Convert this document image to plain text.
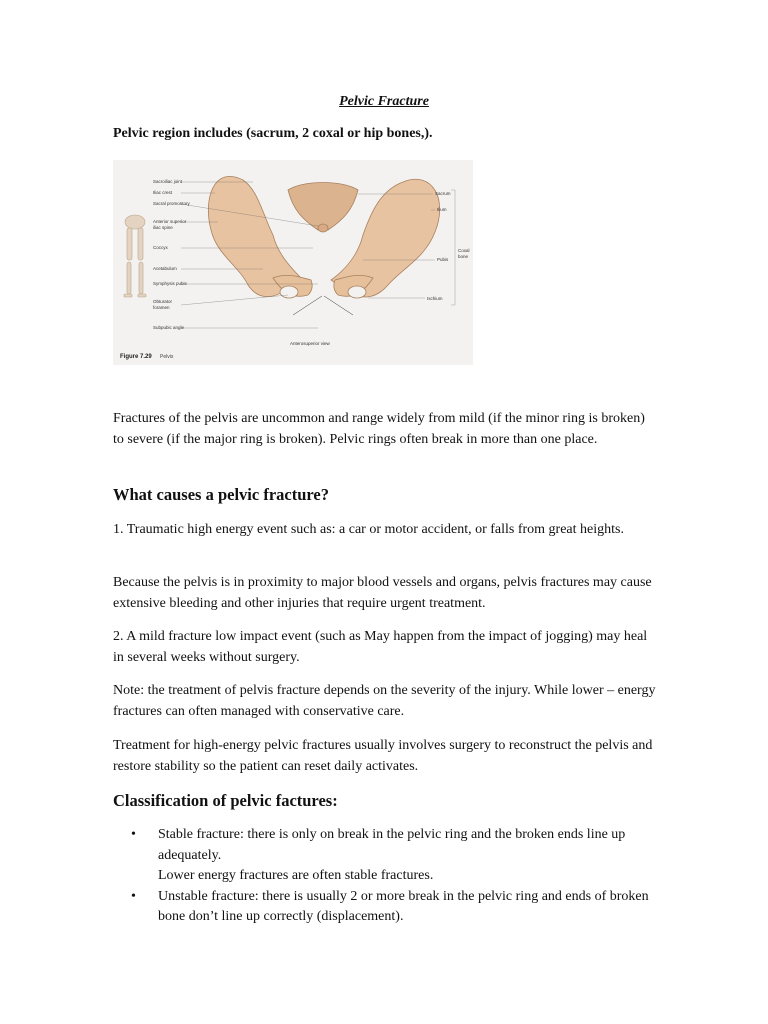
Pelvic Fracture
Pelvic region includes (sacrum, 2 coxal or hip bones,).
Sacroiliac joint
Iliac crest
Sacral promontory
Anterior superior
iliac spine
Coccyx
Acetabulum
Symphysis pubis
Obturator
foramen
Subpubic angle
Sacrum
Ilium
Pubis
Ischium
Coxal
bone
Anterosuperior view
Figure 7.29 Pelvis

Fractures of the pelvis are uncommon and range widely from mild (if the minor ring is broken) to severe (if the major ring is broken). Pelvic rings often break in more than one place.

What causes a pelvic fracture?

1. Traumatic high energy event such as: a car or motor accident, or falls from great heights.

Because the pelvis is in proximity to major blood vessels and organs, pelvis fractures may cause extensive bleeding and other injuries that require urgent treatment.

2. A mild fracture low impact event (such as May happen from the impact of jogging) may heal in several weeks without surgery.

Note: the treatment of pelvis fracture depends on the severity of the injury. While lower – energy fractures can often managed with conservative care.

Treatment for high-energy pelvic fractures usually involves surgery to reconstruct the pelvis and restore stability so the patient can reset daily activates.

Classification of pelvic factures:
• Stable fracture: there is only on break in the pelvic ring and the broken ends line up adequately.
Lower energy fractures are often stable fractures.
• Unstable fracture: there is usually 2 or more break in the pelvic ring and ends of broken bone don’t line up correctly (displacement).
